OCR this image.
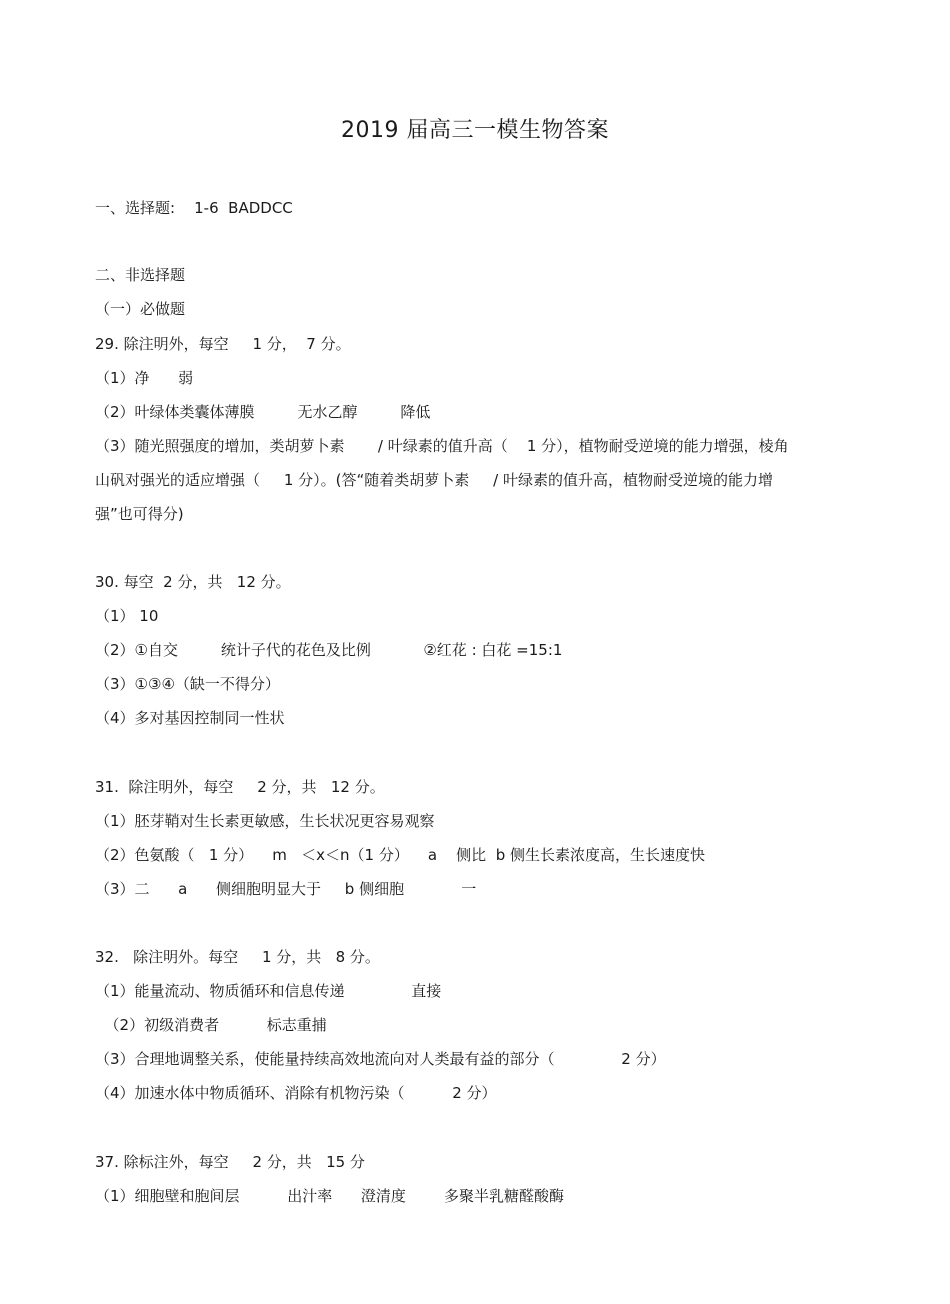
2019 届高三一模生物答案
一、选择题:    1-6  BADDCC
二、非选择题
（一）必做题
29. 除注明外，每空     1 分，  7 分。
（1）净      弱
（2）叶绿体类囊体薄膜         无水乙醇         降低
（3）随光照强度的增加，类胡萝卜素       / 叶绿素的值升高（    1 分），植物耐受逆境的能力增强，棱角
山矾对强光的适应增强（     1 分）。(答“随着类胡萝卜素     / 叶绿素的值升高，植物耐受逆境的能力增
强”也可得分)
30. 每空  2 分，共   12 分。
（1） 10
（2）①自交         统计子代的花色及比例           ②红花 : 白花 =15:1
（3）①③④（缺一不得分）
（4）多对基因控制同一性状
31.  除注明外，每空     2 分，共   12 分。
（1）胚芽鞘对生长素更敏感，生长状况更容易观察
（2）色氨酸（   1 分）    m   ＜x＜n（1 分）    a    侧比  b 侧生长素浓度高，生长速度快
（3）二      a      侧细胞明显大于     b 侧细胞            一
32.   除注明外。每空     1 分，共   8 分。
（1）能量流动、物质循环和信息传递              直接
（2）初级消费者          标志重捕
（3）合理地调整关系，使能量持续高效地流向对人类最有益的部分（              2 分）
（4）加速水体中物质循环、消除有机物污染（          2 分）
37. 除标注外，每空     2 分，共   15 分
（1）细胞壁和胞间层          出汁率      澄清度        多聚半乳糖醛酸酶
